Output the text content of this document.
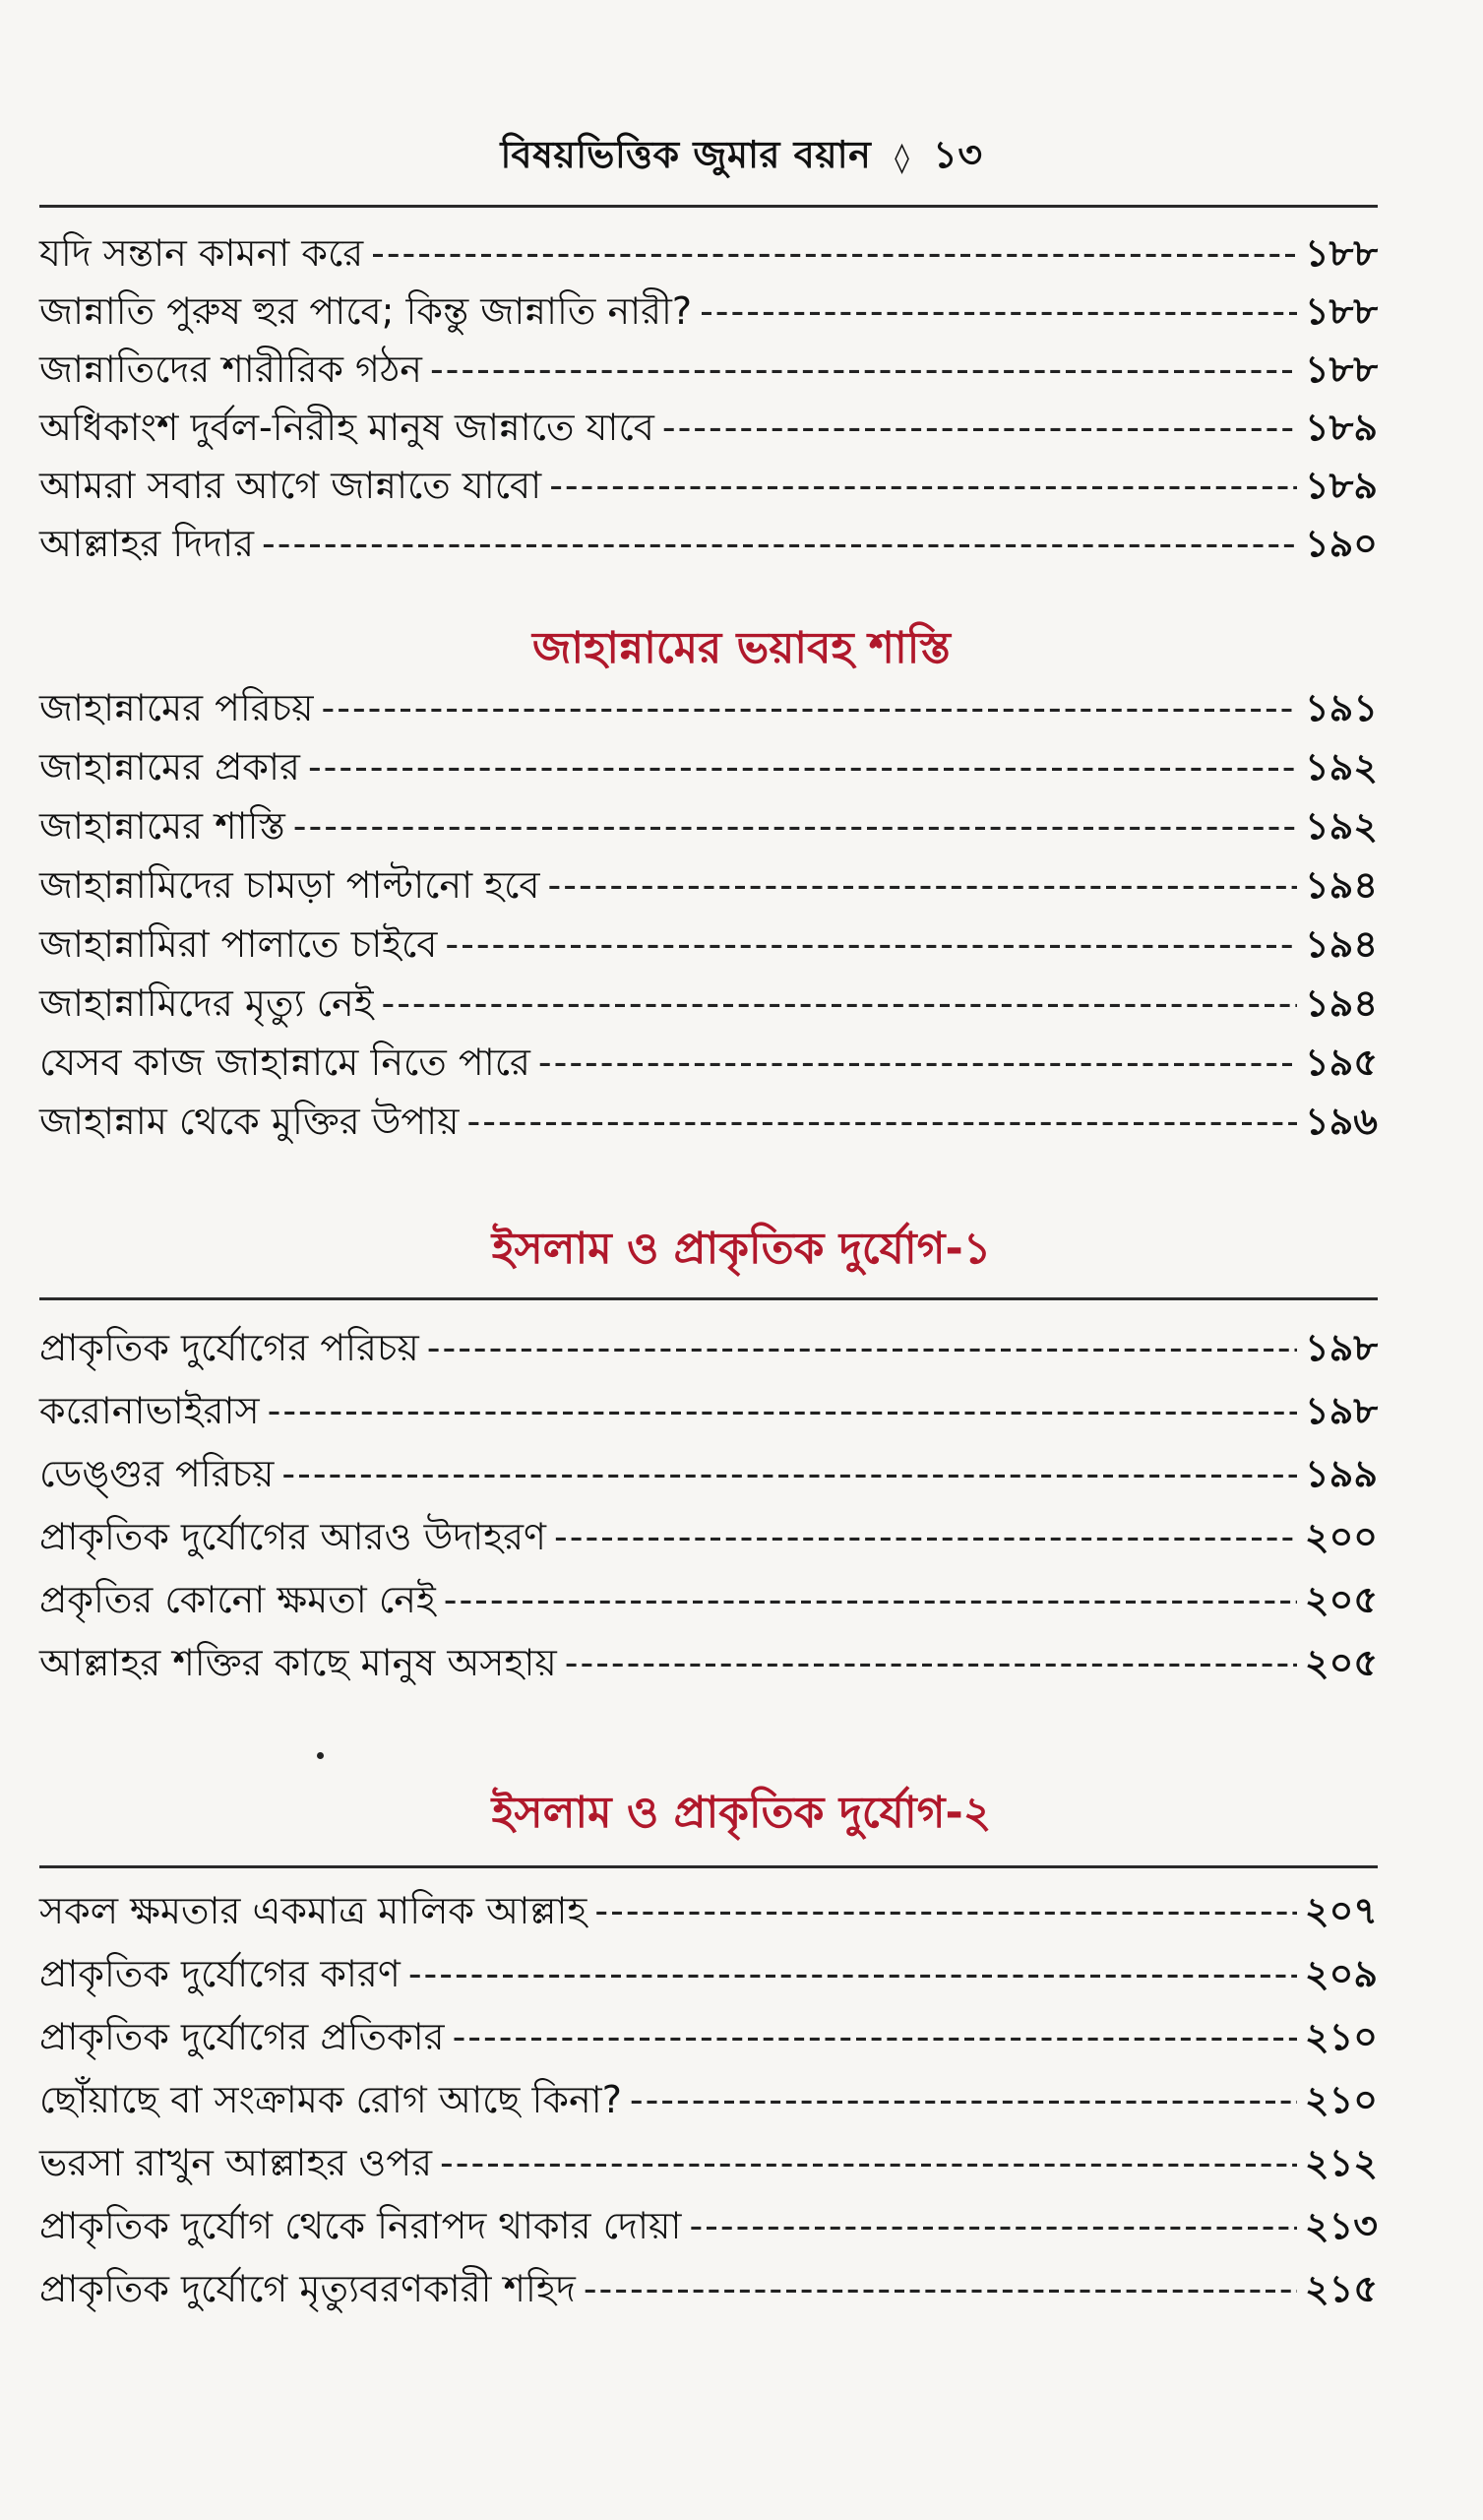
বিষয়ভিত্তিক জুমার বয়ান ◊ ১৩

যদি সন্তান কামনা করে -----	১৮৮
জান্নাতি পুরুষ হুর পাবে; কিন্তু জান্নাতি নারী? -----	১৮৮
জান্নাতিদের শারীরিক গঠন -----	১৮৮
অধিকাংশ দুর্বল-নিরীহ মানুষ জান্নাতে যাবে -----	১৮৯
আমরা সবার আগে জান্নাতে যাবো -----	১৮৯
আল্লাহর দিদার -----	১৯০
জাহান্নামের ভয়াবহ শাস্তি
জাহান্নামের পরিচয় -----	১৯১
জাহান্নামের প্রকার -----	১৯২
জাহান্নামের শাস্তি -----	১৯২
জাহান্নামিদের চামড়া পাল্টানো হবে -----	১৯৪
জাহান্নামিরা পালাতে চাইবে -----	১৯৪
জাহান্নামিদের মৃত্যু নেই -----	১৯৪
যেসব কাজ জাহান্নামে নিতে পারে -----	১৯৫
জাহান্নাম থেকে মুক্তির উপায় -----	১৯৬
ইসলাম ও প্রাকৃতিক দুর্যোগ-১
প্রাকৃতিক দুর্যোগের পরিচয় -----	১৯৮
করোনাভাইরাস -----	১৯৮
ডেঙ্গুর পরিচয় -----	১৯৯
প্রাকৃতিক দুর্যোগের আরও উদাহরণ -----	২০০
প্রকৃতির কোনো ক্ষমতা নেই -----	২০৫
আল্লাহর শক্তির কাছে মানুষ অসহায় -----	২০৫
ইসলাম ও প্রাকৃতিক দুর্যোগ-২
সকল ক্ষমতার একমাত্র মালিক আল্লাহ -----	২০৭
প্রাকৃতিক দুর্যোগের কারণ -----	২০৯
প্রাকৃতিক দুর্যোগের প্রতিকার -----	২১০
ছোঁয়াছে বা সংক্রামক রোগ আছে কিনা? -----	২১০
ভরসা রাখুন আল্লাহর ওপর -----	২১২
প্রাকৃতিক দুর্যোগ থেকে নিরাপদ থাকার দোয়া -----	২১৩
প্রাকৃতিক দুর্যোগে মৃত্যুবরণকারী শহিদ -----	২১৫
